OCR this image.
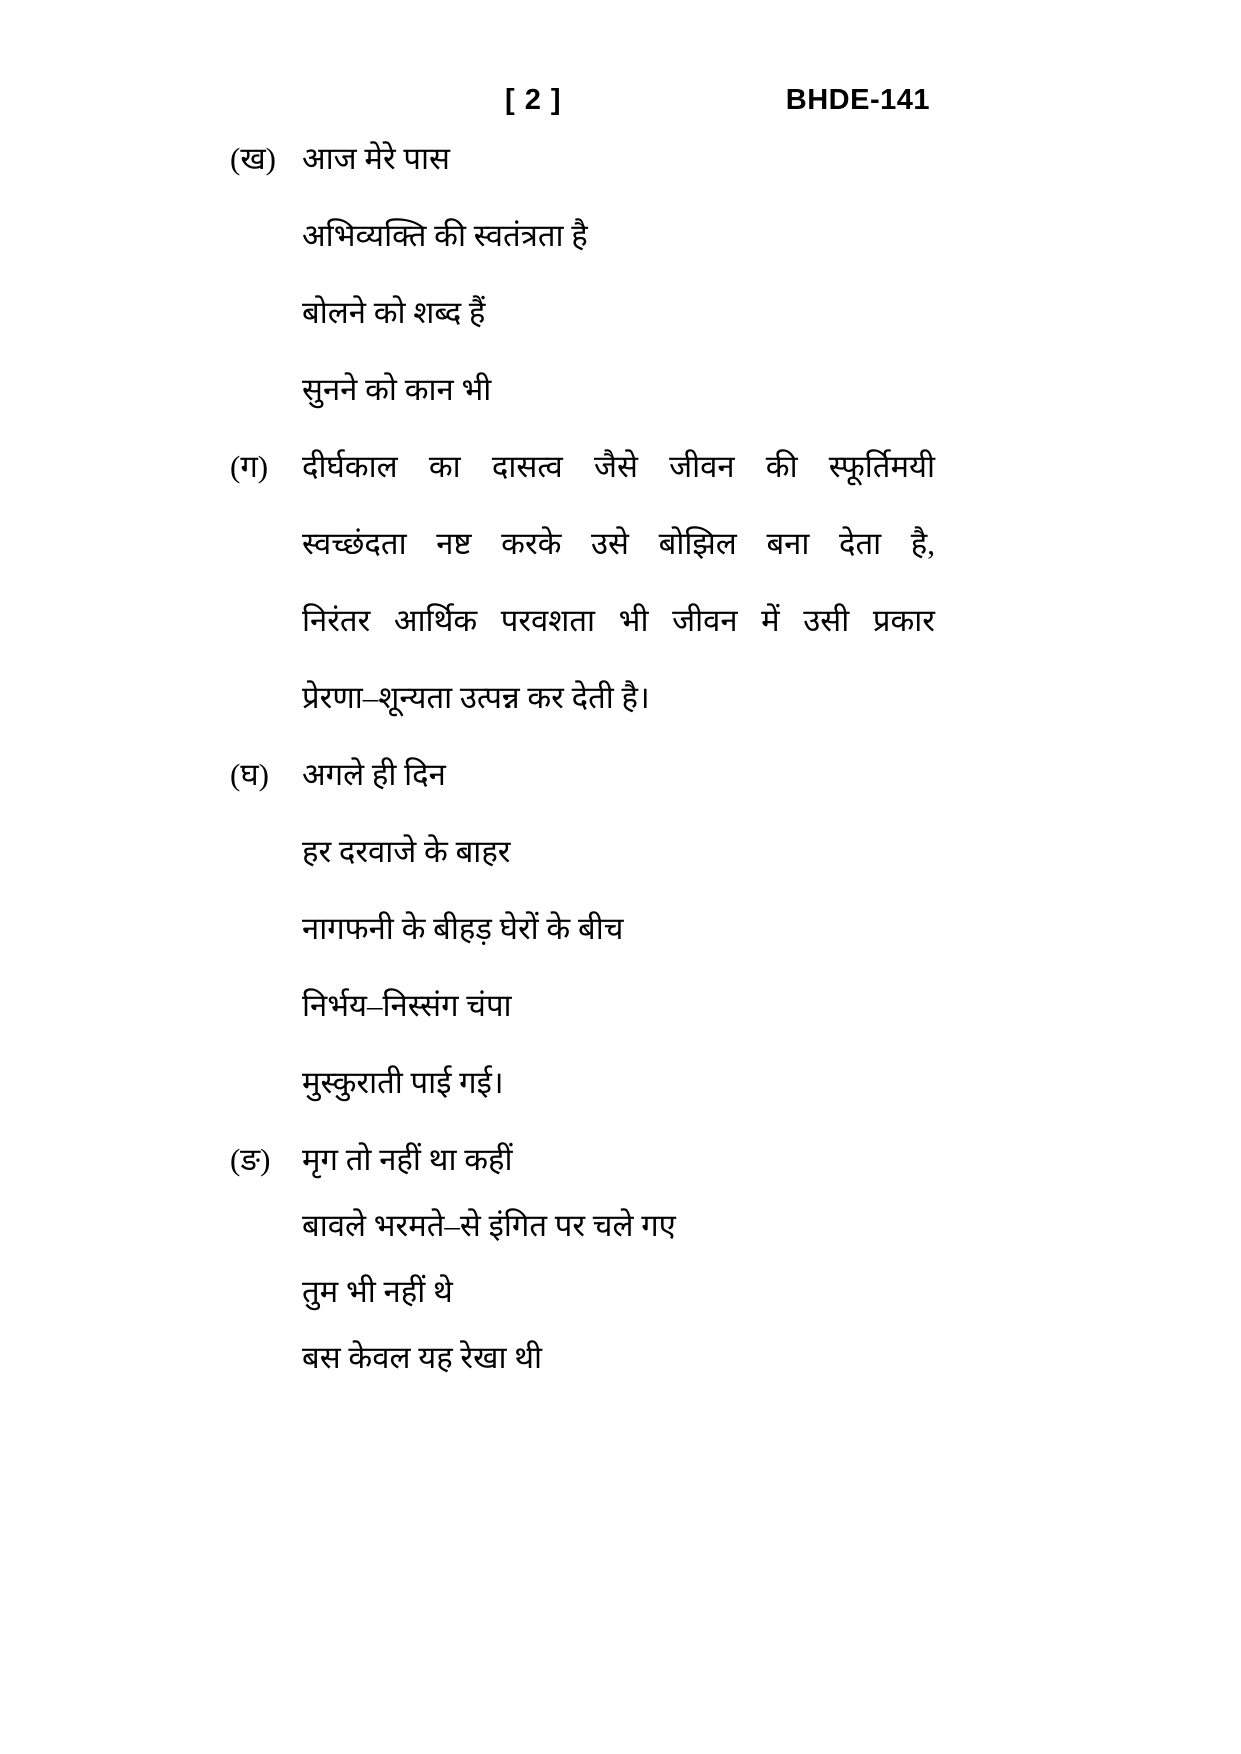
[ 2 ]	BHDE-141
(ख) आज मेरे पास
अभिव्यक्ति की स्वतंत्रता है
बोलने को शब्द हैं
सुनने को कान भी
(ग) दीर्घकाल का दासत्व जैसे जीवन की स्फूर्तिमयी
स्वच्छंदता नष्ट करके उसे बोझिल बना देता है,
निरंतर आर्थिक परवशता भी जीवन में उसी प्रकार
प्रेरणा–शून्यता उत्पन्न कर देती है।
(घ) अगले ही दिन
हर दरवाजे के बाहर
नागफनी के बीहड़ घेरों के बीच
निर्भय–निस्संग चंपा
मुस्कुराती पाई गई।
(ङ) मृग तो नहीं था कहीं
बावले भरमते–से इंगित पर चले गए
तुम भी नहीं थे
बस केवल यह रेखा थी
